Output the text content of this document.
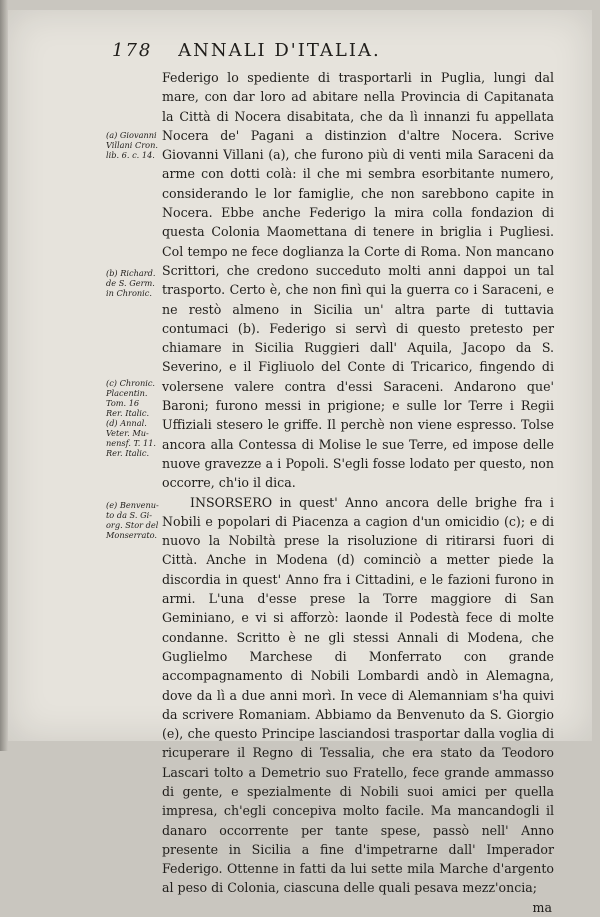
178 ANNALI D'ITALIA.
(a) Giovanni
Villani Cron.
lib. 6. c. 14.
(b) Richard.
de S. Germ.
in Chronic.
(c) Chronic.
Placentin.
Tom. 16
Rer. Italic.
(d) Annal.
Veter. Mu-
nensf. T. 11.
Rer. Italic.
(e) Benvenu-
to da S. Gi-
org. Stor del
Monserrato.

Federigo lo spediente di trasportarli in Puglia, lungi dal mare, con dar loro ad abitare nella Provincia di Capitanata la Città di Nocera disabitata, che da lì innanzi fu appellata Nocera de' Pagani a distinzion d'altre Nocera. Scrive Giovanni Villani (a), che furono più di venti mila Saraceni da arme con dotti colà: il che mi sembra esorbitante numero, considerando le lor famiglie, che non sarebbono capite in Nocera. Ebbe anche Federigo la mira colla fondazion di questa Colonia Maomettana di tenere in briglia i Pugliesi. Col tempo ne fece doglianza la Corte di Roma. Non mancano Scrittori, che credono succeduto molti anni dappoi un tal trasporto. Certo è, che non finì qui la guerra co i Saraceni, e ne restò almeno in Sicilia un' altra parte di tuttavia contumaci (b). Federigo si servì di questo pretesto per chiamare in Sicilia Ruggieri dall' Aquila, Jacopo da S. Severino, e il Figliuolo del Conte di Tricarico, fingendo di volersene valere contra d'essi Saraceni. Andarono que' Baroni; furono messi in prigione; e sulle lor Terre i Regii Uffiziali stesero le griffe. Il perchè non viene espresso. Tolse ancora alla Contessa di Molise le sue Terre, ed impose delle nuove gravezze a i Popoli. S'egli fosse lodato per questo, non occorre, ch'io il dica.

INSORSERO in quest' Anno ancora delle brighe fra i Nobili e popolari di Piacenza a cagion d'un omicidio (c); e di nuovo la Nobiltà prese la risoluzione di ritirarsi fuori di Città. Anche in Modena (d) cominciò a metter piede la discordia in quest' Anno fra i Cittadini, e le fazioni furono in armi. L'una d'esse prese la Torre maggiore di San Geminiano, e vi si afforzò: laonde il Podestà fece di molte condanne. Scritto è ne gli stessi Annali di Modena, che Guglielmo Marchese di Monferrato con grande accompagnamento di Nobili Lombardi andò in Alemagna, dove da lì a due anni morì. In vece di Alemanniam s'ha quivi da scrivere Romaniam. Abbiamo da Benvenuto da S. Giorgio (e), che questo Principe lasciandosi trasportar dalla voglia di ricuperare il Regno di Tessalia, che era stato da Teodoro Lascari tolto a Demetrio suo Fratello, fece grande ammasso di gente, e spezialmente di Nobili suoi amici per quella impresa, ch'egli concepiva molto facile. Ma mancandogli il danaro occorrente per tante spese, passò nell' Anno presente in Sicilia a fine d'impetrarne dall' Imperador Federigo. Ottenne in fatti da lui sette mila Marche d'argento al peso di Colonia, ciascuna delle quali pesava mezz'oncia;

ma
